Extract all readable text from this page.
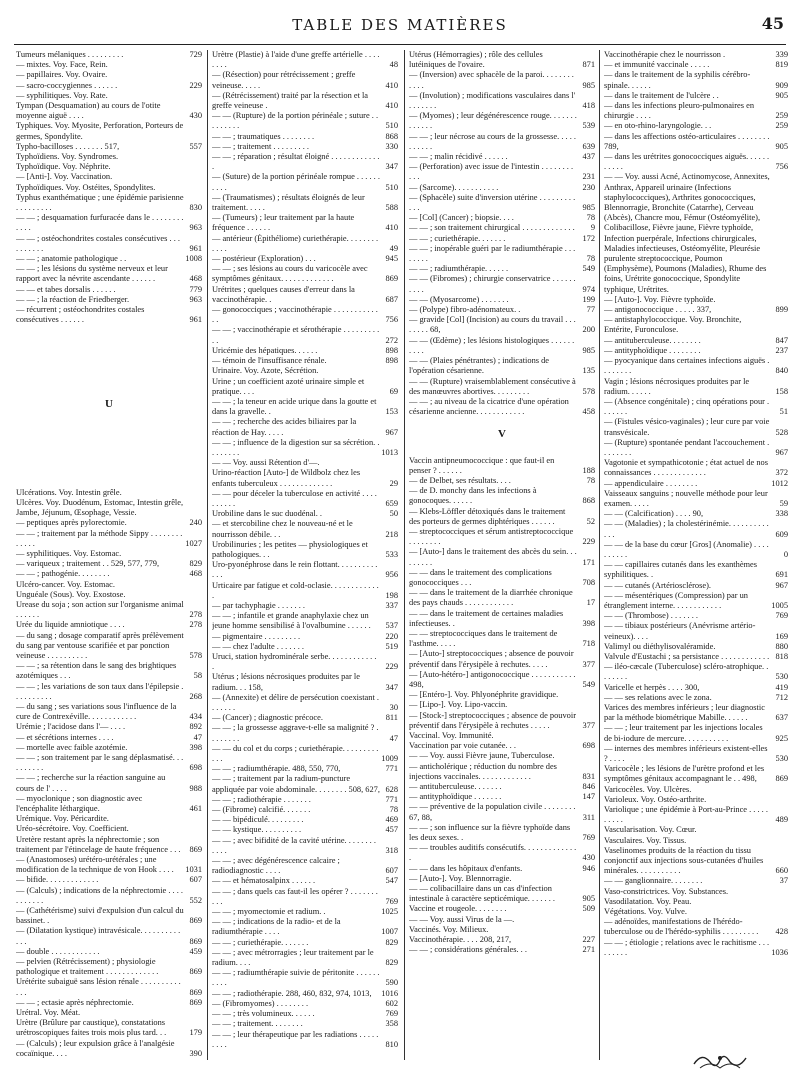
TABLE DES MATIÈRES	45
Tumeurs mélaniques . . . . . . . . .	729
— mixtes. Voy. Face, Rein.
— papillaires. Voy. Ovaire.
— sacro-coccygiennes . . . . . .	229
— syphilitiques. Voy. Rate.
Tympan (Desquamation) au cours de l'otite moyenne aiguë . . . .	430
Typhiques. Voy. Myosite, Perforation, Porteurs de germes, Spondylite.
Typho-bacilloses . . . . . . . 517,	557
Typhoïdiens. Voy. Syndromes.
Typhoïdique. Voy. Néphrite.
— [Anti-]. Voy. Vaccination.
Typhoïdiques. Voy. Ostéites, Spondylites.
Typhus exanthématique ; une épidémie parisienne . . . . . . . . .	830
— — ; desquamation furfuracée dans le . . . . . . . . . . . .	963
— — ; ostéochondrites costales consécutives . . . . . . . . . .	961
— — ; anatomie pathologique . .	1008
— — ; les lésions du système nerveux et leur rapport avec la névrite ascendante . . . . . .	468
— — et tabes dorsalis . . . . . .	779
— — ; la réaction de Friedberger.	963
— récurrent ; ostéochondrites costales consécutives . . . . . .	961
U
Ulcérations. Voy. Intestin grêle.
Ulcères. Voy. Duodénum, Estomac, Intestin grêle, Jambe, Jéjunum, Œsophage, Vessie.
— peptiques après pylorectomie.	240
— — ; traitement par la méthode Sippy . . . . . . . . . . . . .	1027
— syphilitiques. Voy. Estomac.
— variqueux ; traitement . . 529, 577, 779,	829
— — ; pathogénie. . . . . . . .	468
Ulcéro-cancer. Voy. Estomac.
Unguéale (Sous). Voy. Exostose.
Urease du soja ; son action sur l'organisme animal . . . . . .	278
Urée du liquide amniotique . . . .	278
— du sang ; dosage comparatif après prélèvement du sang par ventouse scarifiée et par ponction veineuse . . . . . . . . . .	578
— — ; sa rétention dans le sang des brightiques azotémiques . . .	58
— — ; les variations de son taux dans l'épilepsie . . . . . . . . . .	268
— du sang ; ses variations sous l'influence de la cure de Contrexéville. . . . . . . . . . . .	434
Urémie ; l'acidose dans l'— . . . .	892
— et sécrétions internes . . . .	47
— mortelle avec faible azotémie.	398
— — ; son traitement par le sang déplasmatisé. . . . . . . . . .	698
— — ; recherche sur la réaction sanguine au cours de l' . . . .	988
— myoclonique ; son diagnostic avec l'encéphalite léthargique.	461
Urémique. Voy. Péricardite.
Uréo-sécrétoire. Voy. Coefficient.
Uretère restant après la néphrectomie ; son traitement par l'étincelage de haute fréquence . . .	869
— (Anastomoses) urétéro-urétérales ; une modification de la technique de von Hook . . . .	1031
— bifide. . . . . . . . . . . . .	607
— (Calculs) ; indications de la néphrectomie . . . . . . . . . . .	552
— (Cathétérisme) suivi d'expulsion d'un calcul du bassinet. .	869
— (Dilatation kystique) intravésicale. . . . . . . . . . . . .	869
— double . . . . . . . . . . . .	459
— pelvien (Rétrécissement) ; physiologie pathologique et traitement . . . . . . . . . . . . .	869
Urétérite subaiguë sans lésion rénale . . . . . . . . . . . . .	869
— — ; ectasie après néphrectomie.	869
Urétral. Voy. Méat.
Urètre (Brûlure par caustique), constatations urétroscopiques faites trois mois plus tard. . .	179
— (Calculs) ; leur expulsion grâce à l'analgésie cocaïnique. . . .	390
Urètre (Plastie) à l'aide d'une greffe artérielle . . . . . . . .	48
— (Résection) pour rétrécissement ; greffe veineuse. . . . .	410
— (Rétrécissement) traité par la résection et la greffe veineuse .	410
— — (Rupture) de la portion périnéale ; suture . . . . . . . . .	510
— — ; traumatiques . . . . . . . .	868
— — ; traitement . . . . . . . . .	330
— — ; réparation ; résultat éloigné . . . . . . . . . . . . .	347
— (Suture) de la portion périnéale rompue . . . . . . . . . .	510
— (Traumatismes) ; résultats éloignés de leur traitement. . . . .	588
— (Tumeurs) ; leur traitement par la haute fréquence . . . . . .	410
— antérieur (Épithéliome) curiethérapie. . . . . . . . . . . .	49
— postérieur (Exploration) . . .	945
— — ; ses lésions au cours du varicocèle avec symptômes génitaux. . . . . . . . . . . . .	869
Urétrites ; quelques causes d'erreur dans la vaccinothérapie. .	687
— gonococciques ; vaccinothérapie . . . . . . . . . . . . .	756
— — ; vaccinothérapie et sérothérapie . . . . . . . . . . .	272
Uricémie des hépatiques. . . . . .	898
— témoin de l'insuffisance rénale.	898
Urinaire. Voy. Azote, Sécrétion.
Urine ; un coefficient azoté urinaire simple et pratique. . . .	69
— — ; la teneur en acide urique dans la goutte et dans la gravelle. .	153
— — ; recherche des acides biliaires par la réaction de Hay. . . . .	967
— — ; influence de la digestion sur sa sécrétion. . . . . . . . .	1013
— — Voy. aussi Rétention d'—.
Urino-réaction [Auto-] de Wildbolz chez les enfants tuberculeux . . . . . . . . . . . . .	29
— — pour déceler la tuberculose en activité . . . . . . . . . .	659
Urobiline dans le suc duodénal. .	50
— et stercobiline chez le nouveau-né et le nourrisson débile. . .	218
Urobilinuries ; les petites — physiologiques et pathologiques. . .	533
Uro-pyonéphrose dans le rein flottant. . . . . . . . . . . . .	956
Urticaire par fatigue et cold-oclasie. . . . . . . . . . . . .	198
— par tachyphagie . . . . . . .	337
— — ; infantile et grande anaphylaxie chez un jeune homme sensibilisé à l'ovalbumine . . . . . .	537
— pigmentaire . . . . . . . . .	220
— — chez l'adulte . . . . . . .	519
Uruci, station hydrominérale serbe. . . . . . . . . . . . .	229
Utérus ; lésions nécrosiques produites par le radium. . . 158,	347
— (Annexite) et délire de persécution coexistant . . . . . . .	30
— (Cancer) ; diagnostic précoce.	811
— — ; la grossesse aggrave-t-elle sa malignité ? . . . . . . . .	47
— — du col et du corps ; curiethérapie. . . . . . . . . . . .	1009
— — ; radiumthérapie. 488, 550, 770,	771
— — ; traitement par la radium-puncture appliquée par voie abdominale. . . . . . . . 508, 627, 628
— — ; radiothérapie . . . . . . .	771
— (Fibrome) calcifié. . . . . . .	78
— — bipédiculé. . . . . . . . .	469
— — kystique. . . . . . . . . .	457
— — ; avec bifidité de la cavité utérine. . . . . . . . . . . .	318
— — ; avec dégénérescence calcaire ; radiodiagnostic . . . .	607
— — et hématosalpinx . . . . . .	547
— — ; dans quels cas faut-il les opérer ? . . . . . . . . . .	769
— — ; myomectomie et radium. .	1025
— — ; indications de la radio- et de la radiumthérapie . . . .	1007
— — ; curiethérapie. . . . . . .	829
— — ; avec métrorragies ; leur traitement par le radium. . . .	829
— — ; radiumthérapie suivie de péritonite . . . . . . . . . .	590
— — ; radiothérapie. 288, 460, 832, 974, 1013,	1016
— (Fibromyomes) . . . . . . . .	602
— — ; très volumineux. . . . . .	769
— — ; traitement. . . . . . . .	358
— — ; leur thérapeutique par les radiations . . . . . . . . .	810
Utérus (Hémorragies) ; rôle des cellules lutéiniques de l'ovaire.	871
— (Inversion) avec sphacèle de la paroi. . . . . . . . . . . .	985
— (Involution) ; modifications vasculaires dans l' . . . . . . .	418
— (Myomes) ; leur dégénérescence rouge. . . . . . . . . . . . .	539
— — ; leur nécrose au cours de la grossesse. . . . . . . . . . .	639
— — ; malin récidivé . . . . . .	437
— (Perforation) avec issue de l'intestin . . . . . . . . . . .	231
— (Sarcome). . . . . . . . . . .	230
— (Sphacèle) suite d'inversion utérine . . . . . . . . . . . .	985
— [Col] (Cancer) ; biopsie. . . .	78
— — ; son traitement chirurgical . . . . . . . . . . . . . 9
— — ; curiethérapie. . . . . . .	172
— — ; inopérable guéri par le radiumthérapie . . . . . . . .	78
— — ; radiumthérapie. . . . . .	549
— — (Fibromes) ; chirurgie conservatrice . . . . . . . . . .	974
— — (Myosarcome) . . . . . . .	199
— (Polype) fibro-adénomateux. .	77
— gravide [Col] (Incision) au cours du travail . . . . . . . . 68,	200
— — (Œdème) ; les lésions histologiques . . . . . . . . . .	985
— — (Plaies pénétrantes) ; indications de l'opération césarienne.	135
— — (Rupture) vraisemblablement consécutive à des manœuvres abortives. . . . . . . . .	578
— — ; au niveau de la cicatrice d'une opération césarienne ancienne. . . . . . . . . . . .	458
V
Vaccin antipneumococcique : que faut-il en penser ? . . . . . .	188
— de Delbet, ses résultats. . . .	78
— de D. monchy dans les infections à gonocoques. . . . . .	868
— Klebs-Löffler détoxiqués dans le traitement des porteurs de germes diphtériques . . . . . .	52
— streptococciques et sérum antistreptococcique . . . . . . . .	229
— [Auto-] dans le traitement des abcès du sein. . . . . . . . .	171
— — dans le traitement des complications gonococciques . . .	708
— — dans le traitement de la diarrhée chronique des pays chauds . . . . . . . . . . . .	17
— — dans le traitement de certaines maladies infectieuses. .	398
— — streptococciques dans le traitement de l'asthme. . . . .	718
— [Auto-] streptococciques ; absence de pouvoir préventif dans l'érysipèle à rechutes. . . . .	377
— [Auto-hétéro-] antigonococcique . . . . . . . . . . . 498,	549
— [Entéro-]. Voy. Phlyonéphrite gravidique.
— [Lipo-]. Voy. Lipo-vaccin.
— [Stock-] streptococciques ; absence de pouvoir préventif dans l'érysipèle à rechutes . . . . .	377
Vaccinal. Voy. Immunité.
Vaccination par voie cutanée. . .	698
— — Voy. aussi Fièvre jaune, Tuberculose.
— anticholérique ; réduction du nombre des injections vaccinales. . . . . . . . . . . . .	831
— antituberculeuse. . . . . . .	846
— antityphoïdique . . . . . . .	147
— — préventive de la population civile . . . . . . . . 67, 88,	311
— — ; son influence sur la fièvre typhoïde dans les deux sexes. .	769
— — troubles auditifs consécutifs. . . . . . . . . . . . . .	430
— — dans les hôpitaux d'enfants.	946
— [Auto-]. Voy. Blennorragie.
— — colibacillaire dans un cas d'infection intestinale à caractère septicémique. . . . . . .	905
Vaccine et rougeole. . . . . . . .	509
— — Voy. aussi Virus de la —.
Vaccinés. Voy. Milieux.
Vaccinothérapie. . . . 208, 217,	227
— — ; considérations générales. . .	271
Vaccinothérapie chez le nourrisson .	339
— et immunité vaccinale . . . . .	819
— dans le traitement de la syphilis cérébro-spinale. . . . . .	909
— dans le traitement de l'ulcère . .	905
— dans les infections pleuro-pulmonaires en chirurgie . . . .	259
— en oto-rhino-laryngologie. . .	259
— dans les affections ostéo-articulaires . . . . . . . . 789,	905
— dans les urétrites gonococciques aiguës. . . . . . . . . . .	756
— — Voy. aussi Acné, Actinomycose, Annexites, Anthrax, Appareil urinaire (Infections staphylococciques), Arthrites gonococciques, Blennorragie, Bronchite (Catarrhe), Cerveau (Abcès), Chancre mou, Fémur (Ostéomyélite), Colibacillose, Fièvre jaune, Fièvre typhoïde, Infection puerpérale, Infections chirurgicales, Maladies infectieuses, Ostéomyélite, Pleurésie purulente streptococcique, Poumon (Emphysème), Poumons (Maladies), Rhume des foins, Urétrite gonococcique, Spondylite typhique, Urétrites.
— [Auto-]. Voy. Fièvre typhoïde.
— antigonococcique . . . . . 337,	899
— antistaphylococcique. Voy. Bronchite, Entérite, Furonculose.
— antituberculeuse. . . . . . . .	847
— antityphoïdique . . . . . . . .	237
— pyocyanique dans certaines infections aiguës . . . . . . . .	840
Vagin ; lésions nécrosiques produites par le radium. . . . . .	158
— (Absence congénitale) ; cinq opérations pour . . . . . . .	51
— (Fistules vésico-vaginales) ; leur cure par voie transvésicale.	528
— (Rupture) spontanée pendant l'accouchement . . . . . . . .	967
Vagotonie et sympathicotonie ; état actuel de nos connaissances . . . . . . . . . . . . .	372
— appendiculaire . . . . . . . .	1012
Vaisseaux sanguins ; nouvelle méthode pour leur examen. . . . .	59
— — (Calcification) . . . . 90,	338
— — (Maladies) ; la cholestérinémie. . . . . . . . . . . . .	609
— — de la base du cœur [Gros] (Anomalie) . . . . . . . . . .	0
— — capillaires cutanés dans les exanthèmes syphilitiques. .	691
— — cutanés (Artériosclérose).	967
— — mésentériques (Compression) par un étranglement interne. . . . . . . . . . . .	1005
— — (Thrombose) . . . . . . .	769
— — tibiaux postérieurs (Anévrisme artério-veineux). . . .	169
Valimyl ou diéthylisovaléramide.	880
Valvule d'Eustachi ; sa persistance . . . . . . . . . . . . 818
— iléo-cæcale (Tuberculose) scléro-atrophique. . . . . . . .	530
Varicelle et herpès . . . . 300,	419
— — ses relations avec le zona.	712
Varices des membres inférieurs ; leur diagnostic par la méthode biométrique Mabille. . . . . .	637
— — ; leur traitement par les injections locales de bi-iodure de mercure. . . . . . . . . . .	925
— internes des membres inférieurs existent-elles ? . . . .	530
Varicocèle ; les lésions de l'urètre profond et les symptômes génitaux accompagnant le . . 498,	869
Varicocèles. Voy. Ulcères.
Varioleux. Voy. Ostéo-arthrite.
Variolique ; une épidémie à Port-au-Prince . . . . . . . . . .	489
Vascularisation. Voy. Cœur.
Vasculaires. Voy. Tissus.
Vaselinomes produits de la réaction du tissu conjonctif aux injections sous-cutanées d'huiles minérales. . . . . . . . . . .	660
— — ganglionnaire. . . . . . . .	37
Vaso-constrictrices. Voy. Substances.
Vasodilatation. Voy. Peau.
Végétations. Voy. Vulve.
— adénoïdes, manifestations de l'hérédo-tuberculose ou de l'hérédo-syphilis . . . . . . . . .	428
— — ; étiologie ; relations avec le rachitisme . . . . . . . . .	1036
